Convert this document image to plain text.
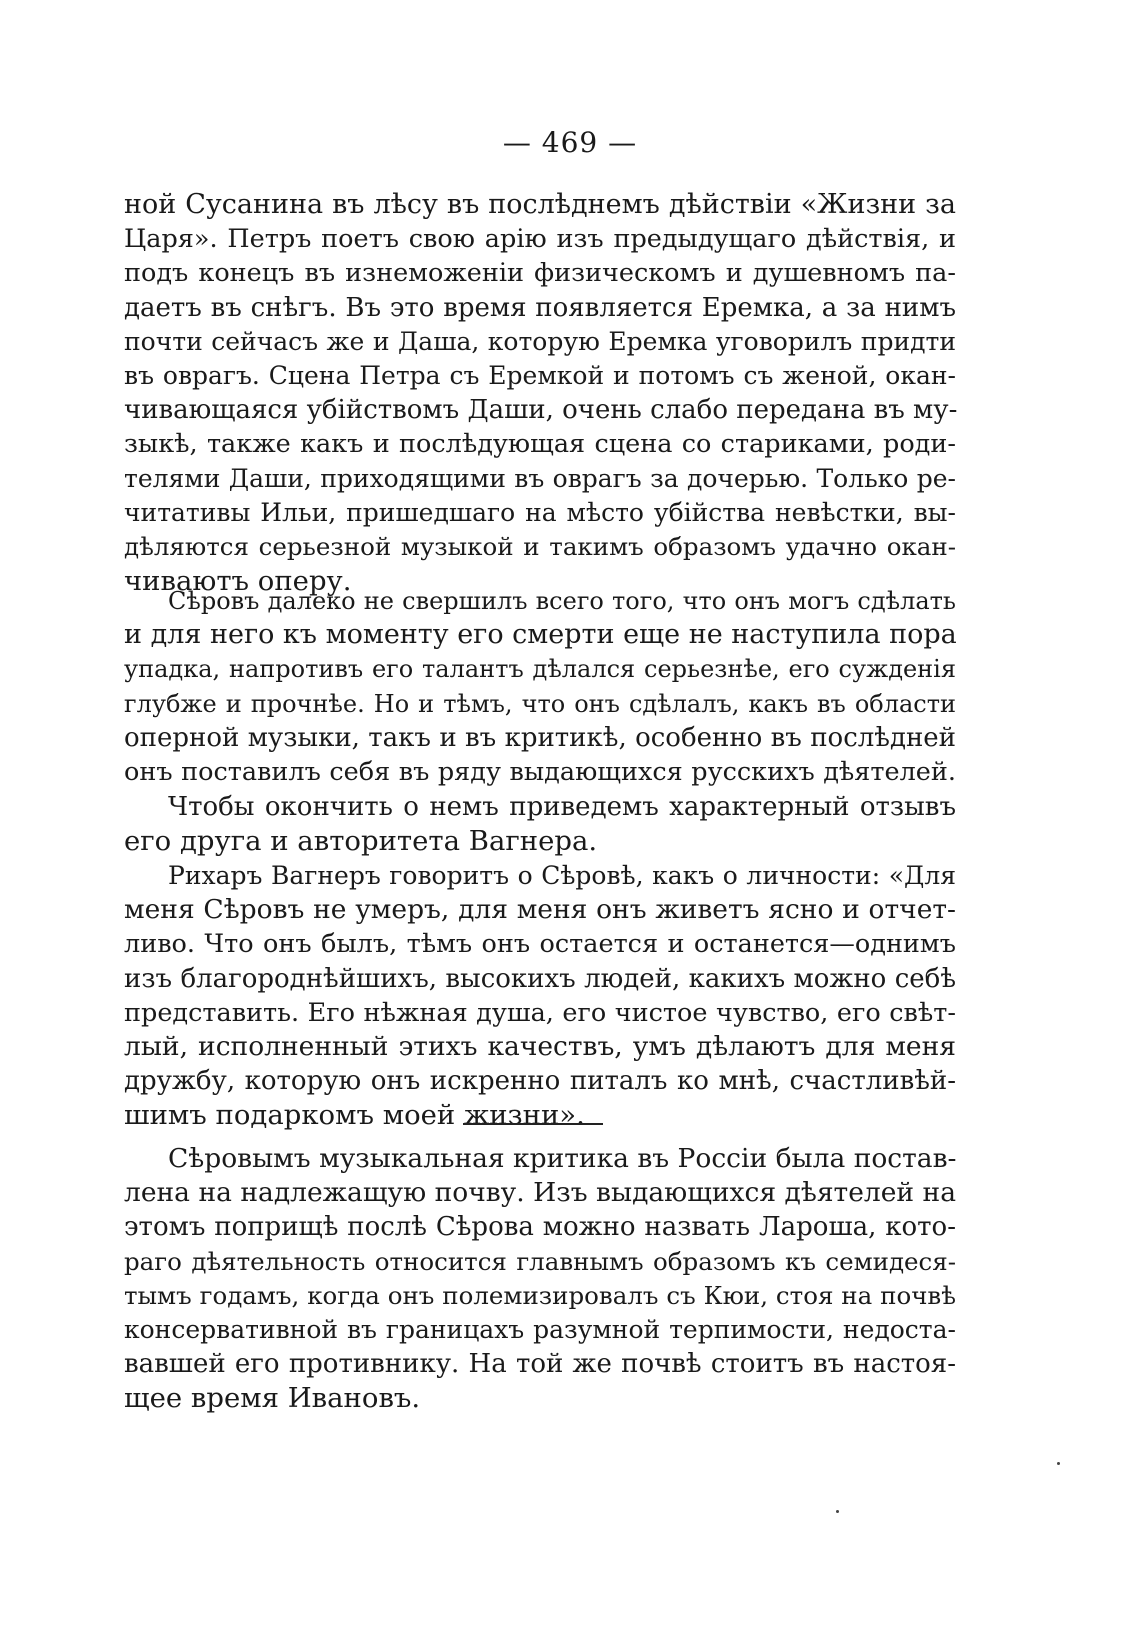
— 469 —
ной Сусанина въ лѣсу въ послѣднемъ дѣйствіи «Жизни за
Царя». Петръ поетъ свою арію изъ предыдущаго дѣйствія, и
подъ конецъ въ изнеможеніи физическомъ и душевномъ па-
даетъ въ снѣгъ. Въ это время появляется Еремка, а за нимъ
почти сейчасъ же и Даша, которую Еремка уговорилъ придти
въ оврагъ. Сцена Петра съ Еремкой и потомъ съ женой, окан-
чивающаяся убійствомъ Даши, очень слабо передана въ му-
зыкѣ, также какъ и послѣдующая сцена со стариками, роди-
телями Даши, приходящими въ оврагъ за дочерью. Только ре-
читативы Ильи, пришедшаго на мѣсто убійства невѣстки, вы-
дѣляются серьезной музыкой и такимъ образомъ удачно окан-
чиваютъ оперу.
Сѣровъ далеко не свершилъ всего того, что онъ могъ сдѣлать
и для него къ моменту его смерти еще не наступила пора
упадка, напротивъ его талантъ дѣлался серьезнѣе, его сужденія
глубже и прочнѣе. Но и тѣмъ, что онъ сдѣлалъ, какъ въ области
оперной музыки, такъ и въ критикѣ, особенно въ послѣдней
онъ поставилъ себя въ ряду выдающихся русскихъ дѣятелей.
Чтобы окончить о немъ приведемъ характерный отзывъ
его друга и авторитета Вагнера.
Рихаръ Вагнеръ говоритъ о Сѣровѣ, какъ о личности: «Для
меня Сѣровъ не умеръ, для меня онъ живетъ ясно и отчет-
ливо. Что онъ былъ, тѣмъ онъ остается и останется—однимъ
изъ благороднѣйшихъ, высокихъ людей, какихъ можно себѣ
представить. Его нѣжная душа, его чистое чувство, его свѣт-
лый, исполненный этихъ качествъ, умъ дѣлаютъ для меня
дружбу, которую онъ искренно питалъ ко мнѣ, счастливѣй-
шимъ подаркомъ моей жизни».
Сѣровымъ музыкальная критика въ Россіи была постав-
лена на надлежащую почву. Изъ выдающихся дѣятелей на
этомъ поприщѣ послѣ Сѣрова можно назвать Лароша, кото-
раго дѣятельность относится главнымъ образомъ къ семидеся-
тымъ годамъ, когда онъ полемизировалъ съ Кюи, стоя на почвѣ
консервативной въ границахъ разумной терпимости, недоста-
вавшей его противнику. На той же почвѣ стоитъ въ настоя-
щее время Ивановъ.
